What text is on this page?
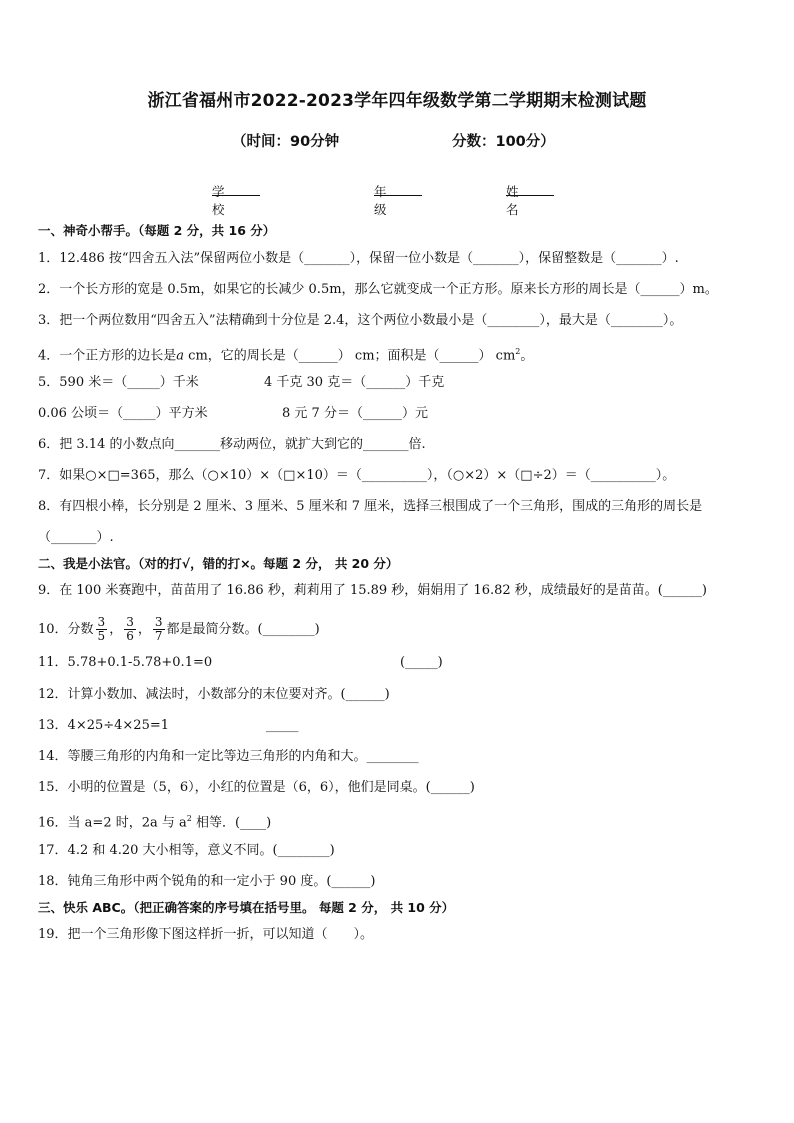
浙江省福州市2022-2023学年四年级数学第二学期期末检测试题
（时间：90分钟	分数：100分）
学校
年级
姓名
一、神奇小帮手。（每题 2 分，共 16 分）
1．12.486 按“四舍五入法”保留两位小数是（_______），保留一位小数是（_______），保留整数是（_______）.
2．一个长方形的宽是 0.5m，如果它的长减少 0.5m，那么它就变成一个正方形。原来长方形的周长是（______）m。
3．把一个两位数用“四舍五入”法精确到十分位是 2.4，这个两位小数最小是（________），最大是（________）。
4．一个正方形的边长是a cm，它的周长是（______） cm；面积是（______） $cm^2$。
5．590 米＝（_____）千米	4 千克 30 克＝（______）千克
0.06 公顷＝（_____）平方米	8 元 7 分＝（______）元
6．把 3.14 的小数点向_______移动两位，就扩大到它的_______倍.
7．如果○×□=365，那么（○×10）×（□×10）＝（__________），（○×2）×（□÷2）＝（__________）。
8．有四根小棒，长分别是 2 厘米、3 厘米、5 厘米和 7 厘米，选择三根围成了一个三角形，围成的三角形的周长是
（_______）.
二、我是小法官。（对的打√，错的打×。每题 2 分， 共 20 分）
9．在 100 米赛跑中，苗苗用了 16.86 秒，莉莉用了 15.89 秒，娟娟用了 16.82 秒，成绩最好的是苗苗。(______)
10．分数 $\frac{3}{5}$ ， $\frac{3}{6}$ ， $\frac{3}{7}$ 都是最简分数。(________)
11．5.78+0.1-5.78+0.1=0	(_____)
12．计算小数加、减法时，小数部分的末位要对齐。(______)
13．4×25÷4×25=1	_____
14．等腰三角形的内角和一定比等边三角形的内角和大。________
15．小明的位置是（5，6），小红的位置是（6，6），他们是同桌。(______)
16．当 a=2 时，2a 与 $a^2$ 相等．(____)
17．4.2 和 4.20 大小相等，意义不同。(________)
18．钝角三角形中两个锐角的和一定小于 90 度。(______)
三、快乐 ABC。（把正确答案的序号填在括号里。 每题 2 分， 共 10 分）
19．把一个三角形像下图这样折一折，可以知道（　　）。
